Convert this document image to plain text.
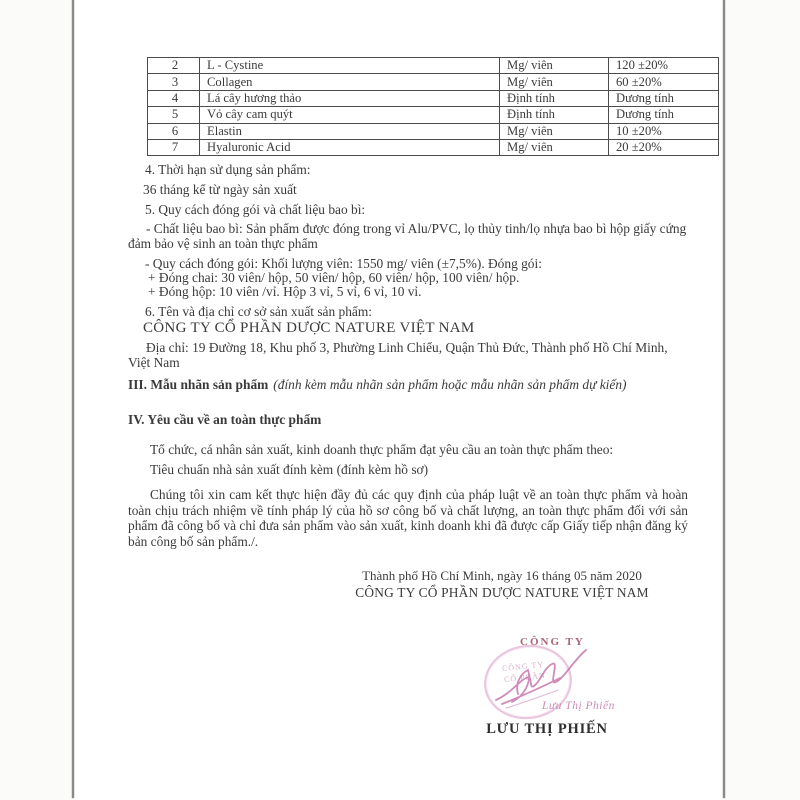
2	L - Cystine	Mg/ viên	120 ±20%
3	Collagen	Mg/ viên	60 ±20%
4	Lá cây hương thảo	Định tính	Dương tính
5	Vỏ cây cam quýt	Định tính	Dương tính
6	Elastin	Mg/ viên	10 ±20%
7	Hyaluronic Acid	Mg/ viên	20 ±20%
4. Thời hạn sử dụng sản phẩm:
36 tháng kể từ ngày sản xuất
5. Quy cách đóng gói và chất liệu bao bì:
- Chất liệu bao bì: Sản phẩm được đóng trong vỉ Alu/PVC, lọ thủy tinh/lọ nhựa bao bì hộp giấy cứng đảm bảo vệ sinh an toàn thực phẩm
- Quy cách đóng gói: Khối lượng viên: 1550 mg/ viên (±7,5%). Đóng gói:
+ Đóng chai: 30 viên/ hộp, 50 viên/ hộp, 60 viên/ hộp, 100 viên/ hộp.
+ Đóng hộp: 10 viên /vỉ. Hộp 3 vỉ, 5 vỉ, 6 vỉ, 10 vỉ.
6. Tên và địa chỉ cơ sở sản xuất sản phẩm:
CÔNG TY CỔ PHẦN DƯỢC NATURE VIỆT NAM
Địa chỉ: 19 Đường 18, Khu phố 3, Phường Linh Chiểu, Quận Thủ Đức, Thành phố Hồ Chí Minh, Việt Nam
III. Mẫu nhãn sản phẩm (đính kèm mẫu nhãn sản phẩm hoặc mẫu nhãn sản phẩm dự kiến)
IV. Yêu cầu về an toàn thực phẩm
Tổ chức, cá nhân sản xuất, kinh doanh thực phẩm đạt yêu cầu an toàn thực phẩm theo:
Tiêu chuẩn nhà sản xuất đính kèm (đính kèm hồ sơ)
Chúng tôi xin cam kết thực hiện đầy đủ các quy định của pháp luật về an toàn thực phẩm và hoàn toàn chịu trách nhiệm về tính pháp lý của hồ sơ công bố và chất lượng, an toàn thực phẩm đối với sản phẩm đã công bố và chỉ đưa sản phẩm vào sản xuất, kinh doanh khi đã được cấp Giấy tiếp nhận đăng ký bản công bố sản phẩm./.
Thành phố Hồ Chí Minh, ngày 16 tháng 05 năm 2020
CÔNG TY CỔ PHẦN DƯỢC NATURE VIỆT NAM
CÔNG TY
CÔNG TY
CỔ PHẦN
Lưu Thị Phiến
LƯU THỊ PHIẾN
